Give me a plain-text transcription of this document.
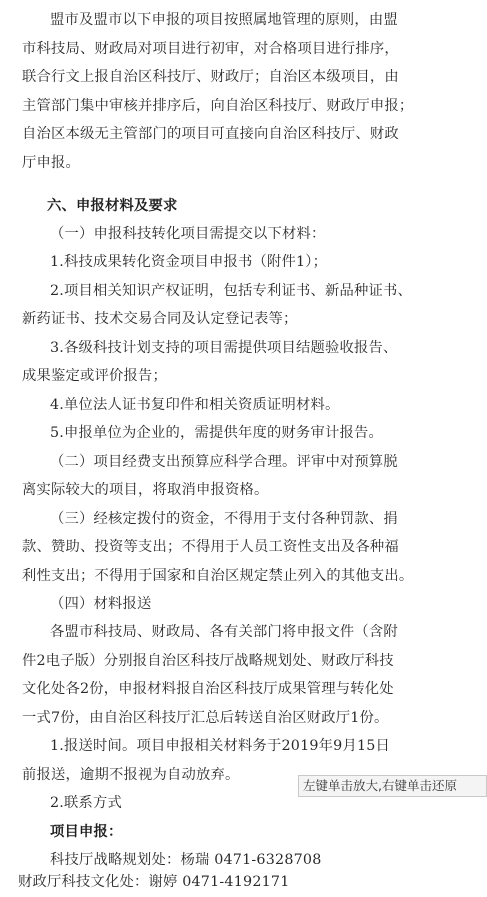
盟市及盟市以下申报的项目按照属地管理的原则，由盟
市科技局、财政局对项目进行初审，对合格项目进行排序，
联合行文上报自治区科技厅、财政厅；自治区本级项目，由
主管部门集中审核并排序后，向自治区科技厅、财政厅申报；
自治区本级无主管部门的项目可直接向自治区科技厅、财政
厅申报。
六、申报材料及要求
（一）申报科技转化项目需提交以下材料：
1.科技成果转化资金项目申报书（附件1）；
2.项目相关知识产权证明，包括专利证书、新品种证书、
新药证书、技术交易合同及认定登记表等；
3.各级科技计划支持的项目需提供项目结题验收报告、
成果鉴定或评价报告；
4.单位法人证书复印件和相关资质证明材料。
5.申报单位为企业的，需提供年度的财务审计报告。
（二）项目经费支出预算应科学合理。评审中对预算脱
离实际较大的项目，将取消申报资格。
（三）经核定拨付的资金，不得用于支付各种罚款、捐
款、赞助、投资等支出；不得用于人员工资性支出及各种福
利性支出；不得用于国家和自治区规定禁止列入的其他支出。
（四）材料报送
各盟市科技局、财政局、各有关部门将申报文件（含附
件2电子版）分别报自治区科技厅战略规划处、财政厅科技
文化处各2份，申报材料报自治区科技厅成果管理与转化处
一式7份，由自治区科技厅汇总后转送自治区财政厅1份。
1.报送时间。项目申报相关材料务于2019年9月15日
前报送，逾期不报视为自动放弃。
2.联系方式
项目申报：
科技厅战略规划处：杨瑞 0471-6328708
财政厅科技文化处：谢婷 0471-4192171
左键单击放大,右键单击还原
